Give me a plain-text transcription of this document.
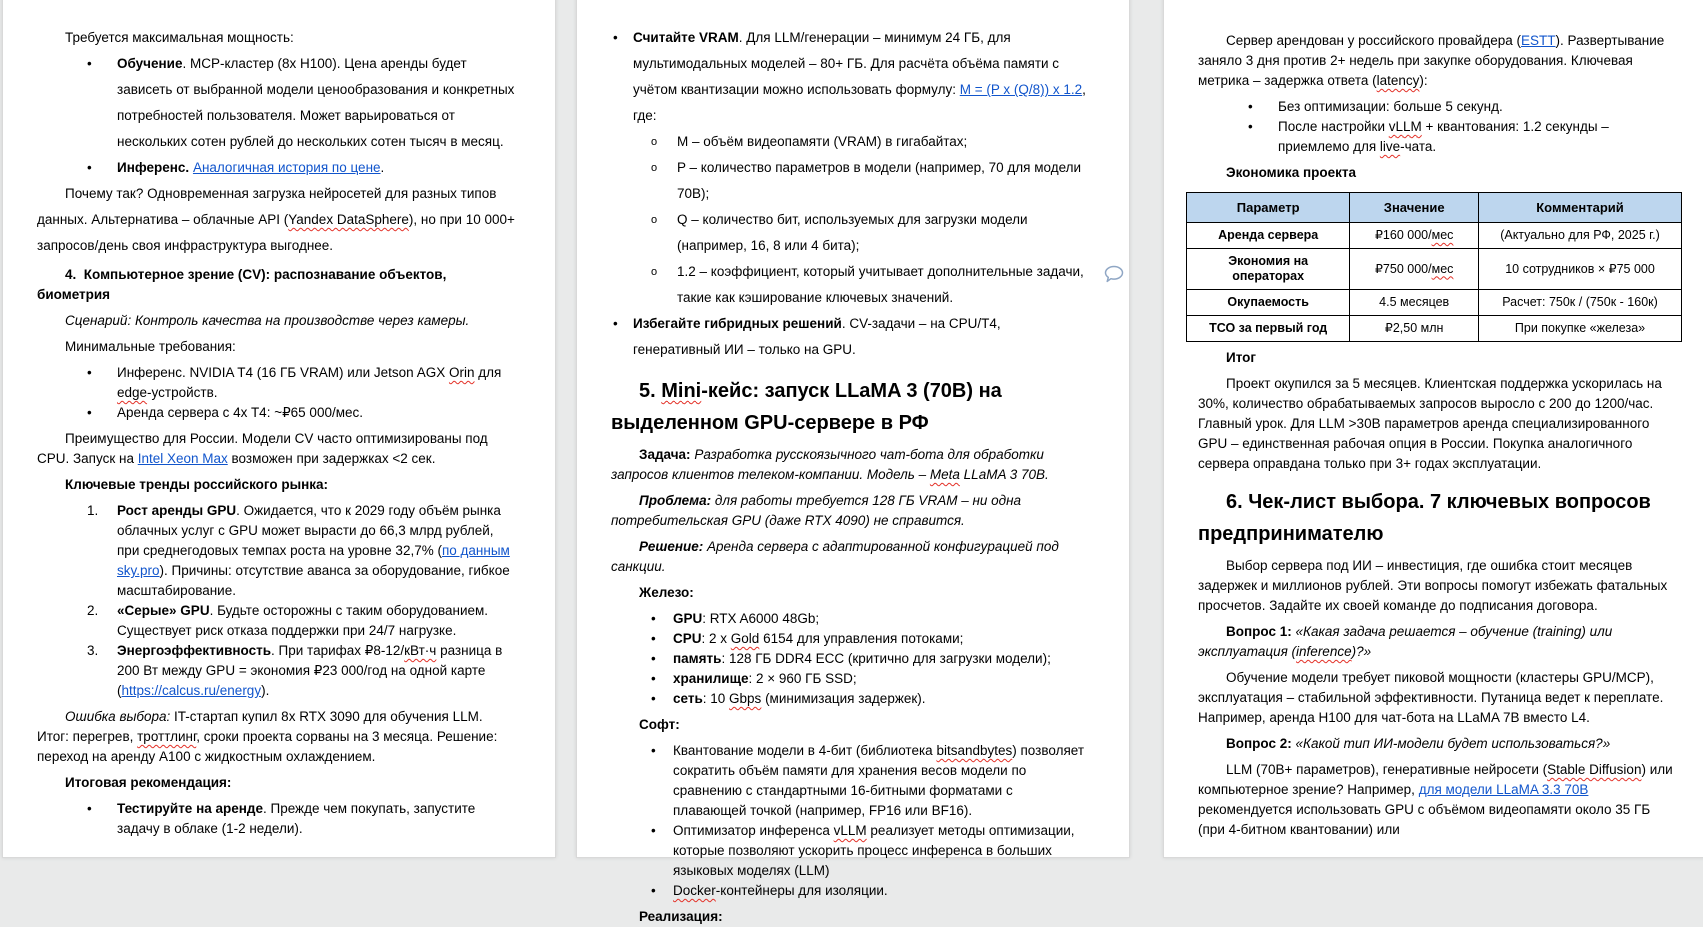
Требуется максимальная мощность:
• Обучение. MCP-кластер (8x H100). Цена аренды будет зависеть от выбранной модели ценообразования и конкретных потребностей пользователя. Может варьироваться от нескольких сотен рублей до нескольких сотен тысяч в месяц.
• Инференс. Аналогичная история по цене.
Почему так? Одновременная загрузка нейросетей для разных типов данных. Альтернатива – облачные API (Yandex DataSphere), но при 10 000+ запросов/день своя инфраструктура выгоднее.
4.  Компьютерное зрение (CV): распознавание объектов, биометрия
Сценарий: Контроль качества на производстве через камеры.
Минимальные требования:
• Инференс. NVIDIA T4 (16 ГБ VRAM) или Jetson AGX Orin для edge-устройств.
• Аренда сервера с 4x T4: ~₽65 000/мес.
Преимущество для России. Модели CV часто оптимизированы под CPU. Запуск на Intel Xeon Max возможен при задержках <2 сек.
Ключевые тренды российского рынка:
1. Рост аренды GPU. Ожидается, что к 2029 году объём рынка облачных услуг с GPU может вырасти до 66,3 млрд рублей, при среднегодовых темпах роста на уровне 32,7% (по данным sky.pro). Причины: отсутствие аванса за оборудование, гибкое масштабирование.
2. «Серые» GPU. Будьте осторожны с таким оборудованием. Существует риск отказа поддержки при 24/7 нагрузке.
3. Энергоэффективность. При тарифах ₽8-12/кВт·ч разница в 200 Вт между GPU = экономия ₽23 000/год на одной карте (https://calcus.ru/energy).
Ошибка выбора: IT-стартап купил 8x RTX 3090 для обучения LLM. Итог: перегрев, троттлинг, сроки проекта сорваны на 3 месяца. Решение: переход на аренду A100 с жидкостным охлаждением.
Итоговая рекомендация:
• Тестируйте на аренде. Прежде чем покупать, запустите задачу в облаке (1-2 недели).
• Считайте VRAM. Для LLM/генерации – минимум 24 ГБ, для мультимодальных моделей – 80+ ГБ. Для расчёта объёма памяти с учётом квантизации можно использовать формулу: M = (P x (Q/8)) x 1.2, где:
o M – объём видеопамяти (VRAM) в гигабайтах;
o P – количество параметров в модели (например, 70 для модели 70B);
o Q – количество бит, используемых для загрузки модели (например, 16, 8 или 4 бита);
o 1.2 – коэффициент, который учитывает дополнительные задачи, такие как кэширование ключевых значений.
• Избегайте гибридных решений. CV-задачи – на CPU/T4, генеративный ИИ – только на GPU.
5. Mini-кейс: запуск LLaMA 3 (70B) на выделенном GPU-сервере в РФ
Задача: Разработка русскоязычного чат-бота для обработки запросов клиентов телеком-компании. Модель – Meta LLaMA 3 70B.
Проблема: для работы требуется 128 ГБ VRAM – ни одна потребительская GPU (даже RTX 4090) не справится.
Решение: Аренда сервера с адаптированной конфигурацией под санкции.
Железо:
• GPU: RTX A6000 48Gb;
• CPU: 2 x Gold 6154 для управления потоками;
• память: 128 ГБ DDR4 ECC (критично для загрузки модели);
• хранилище: 2 × 960 ГБ SSD;
• сеть: 10 Gbps (минимизация задержек).
Софт:
• Квантование модели в 4-бит (библиотека bitsandbytes) позволяет сократить объём памяти для хранения весов модели по сравнению с стандартными 16-битными форматами с плавающей точкой (например, FP16 или BF16).
• Оптимизатор инференса vLLM реализует методы оптимизации, которые позволяют ускорить процесс инференса в больших языковых моделях (LLM)
• Docker-контейнеры для изоляции.
Реализация:
Сервер арендован у российского провайдера (ESTT). Развертывание заняло 3 дня против 2+ недель при закупке оборудования. Ключевая метрика – задержка ответа (latency):
• Без оптимизации: больше 5 секунд.
• После настройки vLLM + квантования: 1.2 секунды – приемлемо для live-чата.
Экономика проекта
Параметр	Значение	Комментарий
Аренда сервера	₽160 000/мес	(Актуально для РФ, 2025 г.)
Экономия на операторах	₽750 000/мес	10 сотрудников × ₽75 000
Окупаемость	4.5 месяцев	Расчет: 750к / (750к - 160к)
ТСО за первый год	₽2,50 млн	При покупке «железа»
Итог
Проект окупился за 5 месяцев. Клиентская поддержка ускорилась на 30%, количество обрабатываемых запросов выросло с 200 до 1200/час. Главный урок. Для LLM >30B параметров аренда специализированного GPU – единственная рабочая опция в России. Покупка аналогичного сервера оправдана только при 3+ годах эксплуатации.
6. Чек-лист выбора. 7 ключевых вопросов предпринимателю
Выбор сервера под ИИ – инвестиция, где ошибка стоит месяцев задержек и миллионов рублей. Эти вопросы помогут избежать фатальных просчетов. Задайте их своей команде до подписания договора.
Вопрос 1: «Какая задача решается – обучение (training) или эксплуатация (inference)?»
Обучение модели требует пиковой мощности (кластеры GPU/MCP), эксплуатация – стабильной эффективности. Путаница ведет к переплате. Например, аренда H100 для чат-бота на LLaMA 7B вместо L4.
Вопрос 2: «Какой тип ИИ-модели будет использоваться?»
LLM (70B+ параметров), генеративные нейросети (Stable Diffusion) или компьютерное зрение? Например, для модели LLaMA 3.3 70B рекомендуется использовать GPU с объёмом видеопамяти около 35 ГБ (при 4-битном квантовании) или
